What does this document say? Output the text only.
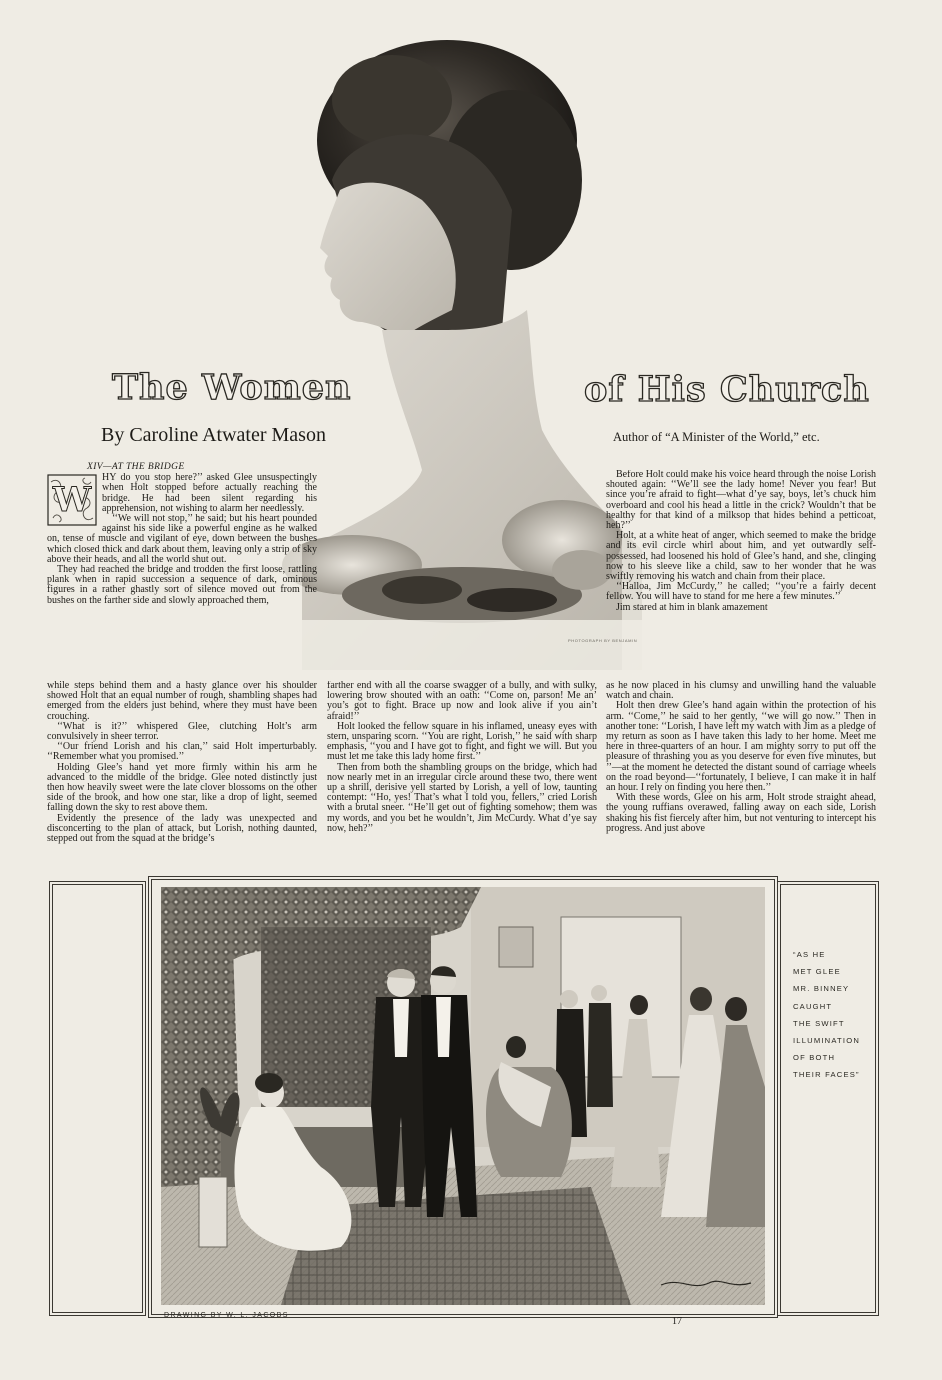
PHOTOGRAPH BY BENJAMIN
The Women	of His Church
By Caroline Atwater Mason	Author of “A Minister of the World,” etc.
XIV—AT THE BRIDGE
W

HY do you stop here?’’ asked Glee unsuspectingly when Holt stopped before actually reaching the bridge. He had been silent regarding his apprehension, not wishing to alarm her needlessly.

‘‘We will not stop,’’ he said; but his heart pounded against his side like a powerful engine as he walked on, tense of muscle and vigilant of eye, down between the bushes which closed thick and dark about them, leaving only a strip of sky above their heads, and all the world shut out.

They had reached the bridge and trodden the first loose, rattling plank when in rapid succession a sequence of dark, ominous figures in a rather ghastly sort of silence moved out from the bushes on the farther side and slowly approached them,

while steps behind them and a hasty glance over his shoulder showed Holt that an equal number of rough, shambling shapes had emerged from the elders just behind, where they must have been crouching.

‘‘What is it?’’ whispered Glee, clutching Holt’s arm convulsively in sheer terror.

‘‘Our friend Lorish and his clan,’’ said Holt imperturbably. ‘‘Remember what you promised.’’

Holding Glee’s hand yet more firmly within his arm he advanced to the middle of the bridge. Glee noted distinctly just then how heavily sweet were the late clover blossoms on the other side of the brook, and how one star, like a drop of light, seemed falling down the sky to rest above them.

Evidently the presence of the lady was unexpected and disconcerting to the plan of attack, but Lorish, nothing daunted, stepped out from the squad at the bridge’s

farther end with all the coarse swagger of a bully, and with sulky, lowering brow shouted with an oath: ‘‘Come on, parson! Me an’ you’s got to fight. Brace up now and look alive if you ain’t afraid!’’

Holt looked the fellow square in his inflamed, uneasy eyes with stern, unsparing scorn. ‘‘You are right, Lorish,’’ he said with sharp emphasis, ‘‘you and I have got to fight, and fight we will. But you must let me take this lady home first.’’

Then from both the shambling groups on the bridge, which had now nearly met in an irregular circle around these two, there went up a shrill, derisive yell started by Lorish, a yell of low, taunting contempt: ‘‘Ho, yes! That’s what I told you, fellers,’’ cried Lorish with a brutal sneer. ‘‘He’ll get out of fighting somehow; them was my words, and you bet he wouldn’t, Jim McCurdy. What d’ye say now, heh?’’

Before Holt could make his voice heard through the noise Lorish shouted again: ‘‘We’ll see the lady home! Never you fear! But since you’re afraid to fight—what d’ye say, boys, let’s chuck him overboard and cool his head a little in the crick? Wouldn’t that be healthy for that kind of a milksop that hides behind a petticoat, heh?’’

Holt, at a white heat of anger, which seemed to make the bridge and its evil circle whirl about him, and yet outwardly self-possessed, had loosened his hold of Glee’s hand, and she, clinging now to his sleeve like a child, saw to her wonder that he was swiftly removing his watch and chain from their place.

‘‘Halloa, Jim McCurdy,’’ he called; ‘‘you’re a fairly decent fellow. You will have to stand for me here a few minutes.’’

Jim stared at him in blank amazement

as he now placed in his clumsy and unwilling hand the valuable watch and chain.

Holt then drew Glee’s hand again within the protection of his arm. ‘‘Come,’’ he said to her gently, ‘‘we will go now.’’ Then in another tone: ‘‘Lorish, I have left my watch with Jim as a pledge of my return as soon as I have taken this lady to her home. Meet me here in three-quarters of an hour. I am mighty sorry to put off the pleasure of thrashing you as you deserve for even five minutes, but ’’—at the moment he detected the distant sound of carriage wheels on the road beyond—‘‘fortunately, I believe, I can make it in half an hour. I rely on finding you here then.’’

With these words, Glee on his arm, Holt strode straight ahead, the young ruffians overawed, falling away on each side, Lorish shaking his fist fiercely after him, but not venturing to intercept his progress. And just above

“AS HE
MET GLEE
MR. BINNEY
CAUGHT
THE SWIFT
ILLUMINATION
OF BOTH
THEIR FACES”
DRAWING BY W. L. JACOBS
17
